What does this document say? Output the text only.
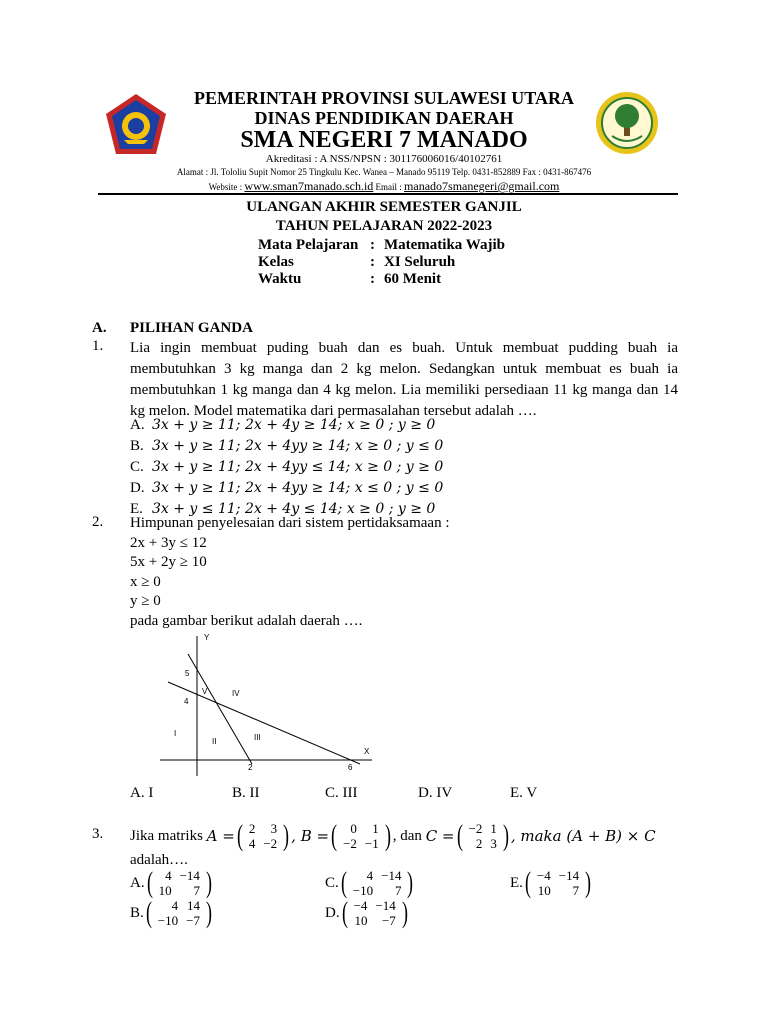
PEMERINTAH PROVINSI SULAWESI UTARA
DINAS PENDIDIKAN DAERAH
SMA NEGERI 7 MANADO
Akreditasi : A NSS/NPSN : 301176006016/40102761
Alamat : Jl. Tololiu Supit Nomor 25 Tingkulu Kec. Wanea – Manado 95119 Telp. 0431-852889 Fax : 0431-867476
Website : www.sman7manado.sch.id Email : manado7smanegeri@gmail.com
ULANGAN AKHIR SEMESTER GANJIL
TAHUN PELAJARAN 2022-2023
Mata Pelajaran : Matematika Wajib
Kelas	: XI Seluruh
Waktu	: 60 Menit
A. PILIHAN GANDA
1. Lia ingin membuat puding buah dan es buah. Untuk membuat pudding buah ia
membutuhkan 3 kg manga dan 2 kg melon. Sedangkan untuk membuat es buah ia
membutuhkan 1 kg manga dan 4 kg melon. Lia memiliki persediaan 11 kg manga dan 14
kg melon. Model matematika dari permasalahan tersebut adalah ….
A. 3x + y ≥ 11; 2x + 4y ≥ 14; x ≥ 0 ; y ≥ 0
B. 3x + y ≥ 11; 2x + 4yy ≥ 14; x ≥ 0 ; y ≤ 0
C. 3x + y ≥ 11; 2x + 4yy ≤ 14; x ≥ 0 ; y ≥ 0
D. 3x + y ≥ 11; 2x + 4yy ≥ 14; x ≤ 0 ; y ≤ 0
E. 3x + y ≤ 11; 2x + 4y ≤ 14; x ≥ 0 ; y ≥ 0
2. Himpunan penyelesaian dari sistem pertidaksamaan :
2x + 3y ≤ 12
5x + 2y ≥ 10
x ≥ 0
y ≥ 0
pada gambar berikut adalah daerah ….
Y
X
5
4
2	6
I
II	III
IV
V
A. I	B. II	C. III	D. IV	E. V
3. Jika matriks
A = ( 2	3
4	−2 ) , B = ( 0	1
−2	−1 ) , dan
C = ( −2	1
2	3 ) , maka (A + B) × C
adalah….
A. ( 4	−14
10	7 )
B. ( 4	14
−10	−7 )
C. ( 4	−14
−10	7 )
D. ( −4	−14
10	−7 )
E. ( −4	−14
10	7 )
